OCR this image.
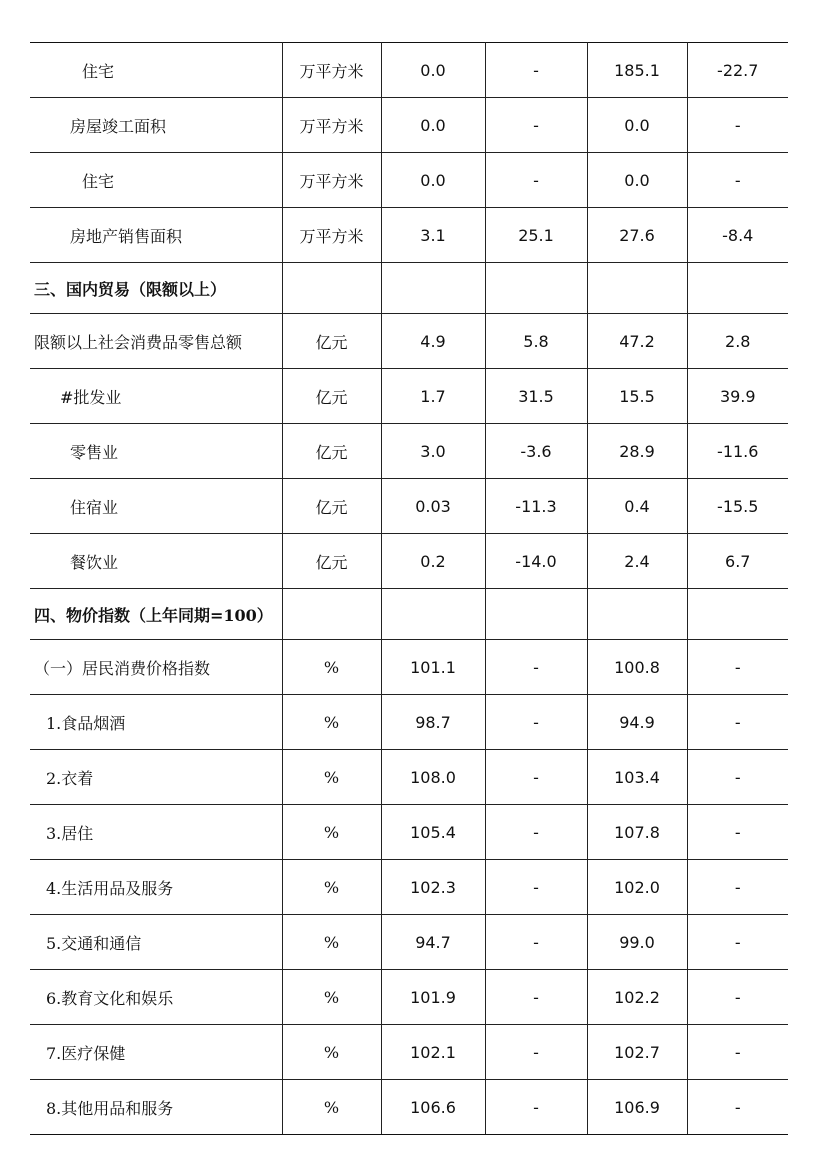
住宅	万平方米	0.0	-	185.1	-22.7
房屋竣工面积	万平方米	0.0	-	0.0	-
住宅	万平方米	0.0	-	0.0	-
房地产销售面积	万平方米	3.1	25.1	27.6	-8.4
三、国内贸易（限额以上）					
限额以上社会消费品零售总额	亿元	4.9	5.8	47.2	2.8
#批发业	亿元	1.7	31.5	15.5	39.9
零售业	亿元	3.0	-3.6	28.9	-11.6
住宿业	亿元	0.03	-11.3	0.4	-15.5
餐饮业	亿元	0.2	-14.0	2.4	6.7
四、物价指数（上年同期=100）					
（一）居民消费价格指数	%	101.1	-	100.8	-
1.食品烟酒	%	98.7	-	94.9	-
2.衣着	%	108.0	-	103.4	-
3.居住	%	105.4	-	107.8	-
4.生活用品及服务	%	102.3	-	102.0	-
5.交通和通信	%	94.7	-	99.0	-
6.教育文化和娱乐	%	101.9	-	102.2	-
7.医疗保健	%	102.1	-	102.7	-
8.其他用品和服务	%	106.6	-	106.9	-
